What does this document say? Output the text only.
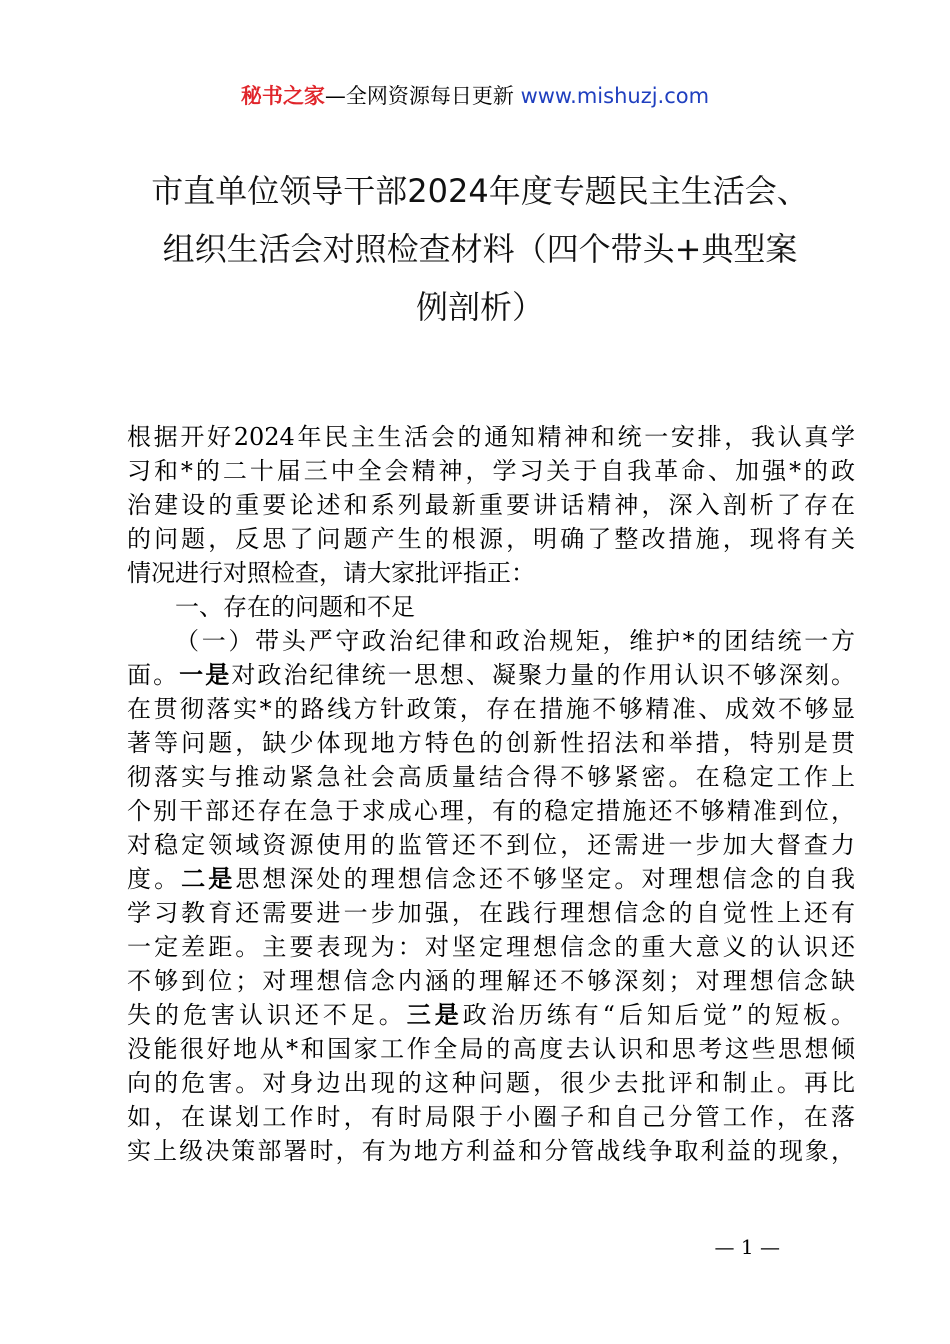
秘书之家—全网资源每日更新 www.mishuzj.com
市直单位领导干部2024年度专题民主生活会、
组织生活会对照检查材料（四个带头+典型案
例剖析）
根据开好2024年民主生活会的通知精神和统一安排，我认真学
习和*的二十届三中全会精神，学习关于自我革命、加强*的政
治建设的重要论述和系列最新重要讲话精神，深入剖析了存在
的问题，反思了问题产生的根源，明确了整改措施，现将有关
情况进行对照检查，请大家批评指正：
一、存在的问题和不足
（一）带头严守政治纪律和政治规矩，维护*的团结统一方
面。一是对政治纪律统一思想、凝聚力量的作用认识不够深刻。
在贯彻落实*的路线方针政策，存在措施不够精准、成效不够显
著等问题，缺少体现地方特色的创新性招法和举措，特别是贯
彻落实与推动紧急社会高质量结合得不够紧密。在稳定工作上
个别干部还存在急于求成心理，有的稳定措施还不够精准到位，
对稳定领域资源使用的监管还不到位，还需进一步加大督查力
度。二是思想深处的理想信念还不够坚定。对理想信念的自我
学习教育还需要进一步加强，在践行理想信念的自觉性上还有
一定差距。主要表现为：对坚定理想信念的重大意义的认识还
不够到位；对理想信念内涵的理解还不够深刻；对理想信念缺
失的危害认识还不足。三是政治历练有“后知后觉”的短板。
没能很好地从*和国家工作全局的高度去认识和思考这些思想倾
向的危害。对身边出现的这种问题，很少去批评和制止。再比
如，在谋划工作时，有时局限于小圈子和自己分管工作，在落
实上级决策部署时，有为地方利益和分管战线争取利益的现象，
— 1 —
